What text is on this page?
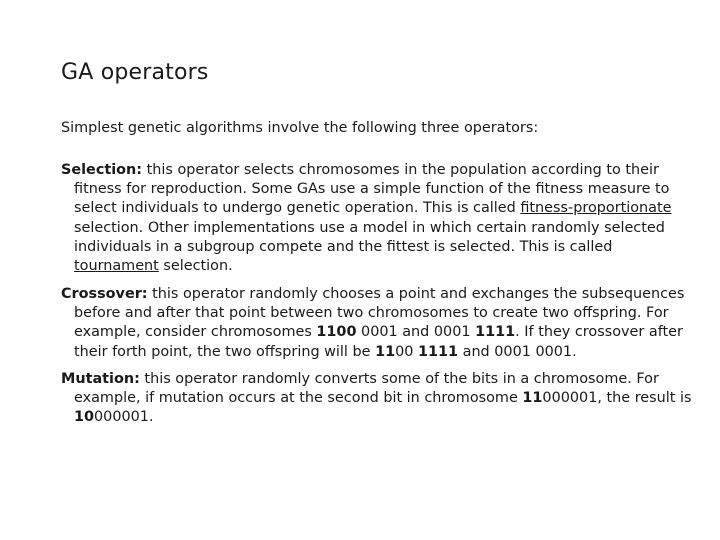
GA operators
Simplest genetic algorithms involve the following three operators:

Selection: this operator selects chromosomes in the population according to their fitness for reproduction. Some GAs use a simple function of the fitness measure to select individuals to undergo genetic operation. This is called fitness-proportionate selection. Other implementations use a model in which certain randomly selected individuals in a subgroup compete and the fittest is selected. This is called tournament selection.

Crossover: this operator randomly chooses a point and exchanges the subsequences before and after that point between two chromosomes to create two offspring. For example, consider chromosomes 1100 0001 and 0001 1111. If they crossover after their forth point, the two offspring will be 1100 1111 and 0001 0001.

Mutation: this operator randomly converts some of the bits in a chromosome. For example, if mutation occurs at the second bit in chromosome 11000001, the result is 10000001.
